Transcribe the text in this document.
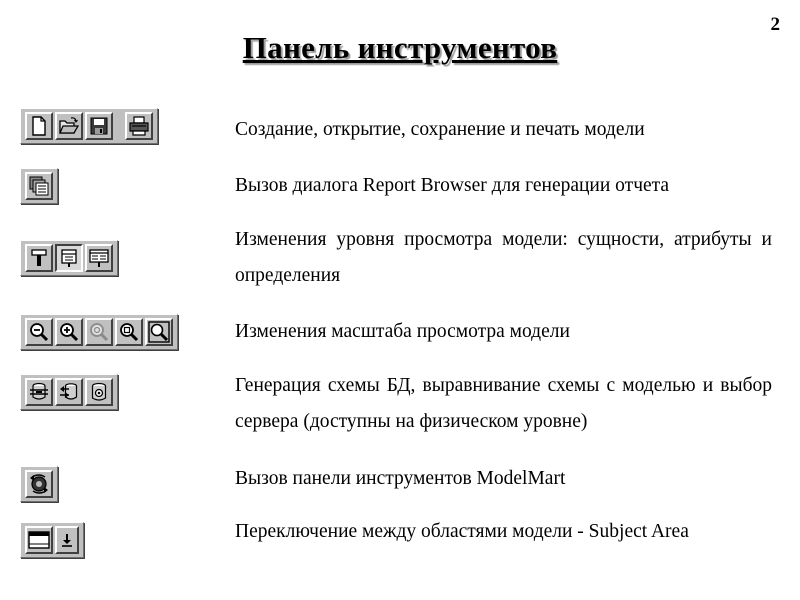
2
Панель инструментов
Создание, открытие, сохранение и печать модели
Вызов диалога Report Browser для генерации отчета
Изменения уровня просмотра модели: сущности, атрибуты и определения
Изменения масштаба просмотра модели
Генерация схемы БД, выравнивание схемы с моделью и выбор сервера (доступны на физическом уровне)
Вызов панели инструментов ModelMart
Переключение между областями модели - Subject Area
